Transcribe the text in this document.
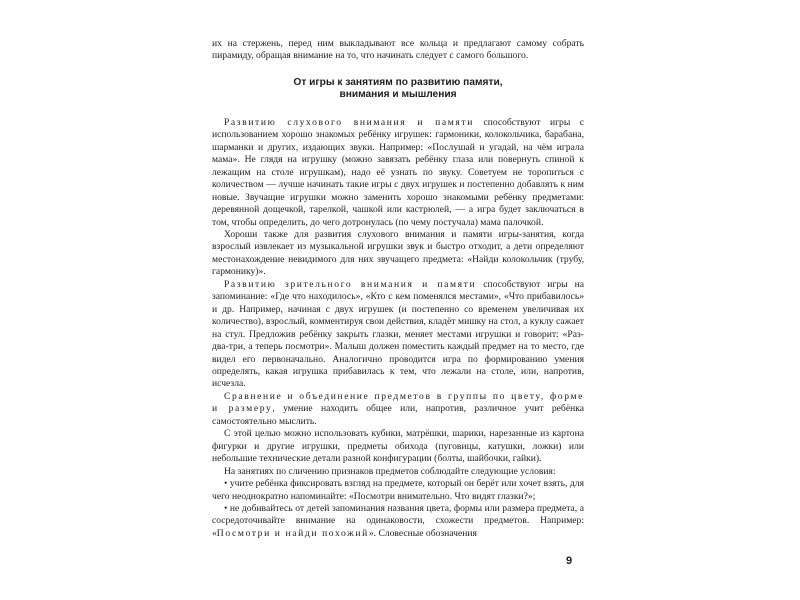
их на стержень, перед ним выкладывают все кольца и предлагают самому собрать пирамиду, обращая внимание на то, что начинать следует с самого большого.

От игры к занятиям по развитию памяти,
внимания и мышления

Развитию слухового внимания и памяти способствуют игры с использованием хорошо знакомых ребёнку игрушек: гармоники, колокольчика, барабана, шарманки и других, издающих звуки. Например: «Послушай и угадай, на чём играла мама». Не глядя на игрушку (можно завязать ребёнку глаза или повернуть спиной к лежащим на столе игрушкам), надо её узнать по звуку. Советуем не торопиться с количеством — лучше начинать такие игры с двух игрушек и постепенно добавлять к ним новые. Звучащие игрушки можно заменить хорошо знакомыми ребёнку предметами: деревянной дощечкой, тарелкой, чашкой или кастрюлей, — а игра будет заключаться в том, чтобы определить, до чего дотронулась (по чему постучала) мама палочкой.

Хороши также для развития слухового внимания и памяти игры-занятия, когда взрослый извлекает из музыкальной игрушки звук и быстро отходит, а дети определяют местонахождение невидимого для них звучащего предмета: «Найди колокольчик (трубу, гармонику)».

Развитию зрительного внимания и памяти способствуют игры на запоминание: «Где что находилось», «Кто с кем поменялся местами», «Что прибавилось» и др. Например, начиная с двух игрушек (и постепенно со временем увеличивая их количество), взрослый, комментируя свои действия, кладёт мишку на стол, а куклу сажает на стул. Предложив ребёнку закрыть глазки, меняет местами игрушки и говорит: «Раз-два-три, а теперь посмотри». Малыш должен поместить каждый предмет на то место, где видел его первоначально. Аналогично проводится игра по формированию умения определять, какая игрушка прибавилась к тем, что лежали на столе, или, напротив, исчезла.

Сравнение и объединение предметов в группы по цвету, форме и размеру, умение находить общее или, напротив, различное учит ребёнка самостоятельно мыслить.

С этой целью можно использовать кубики, матрёшки, шарики, нарезанные из картона фигурки и другие игрушки, предметы обихода (пуговицы, катушки, ложки) или небольшие технические детали разной конфигурации (болты, шайбочки, гайки).

На занятиях по сличению признаков предметов соблюдайте следующие условия:

• учите ребёнка фиксировать взгляд на предмете, который он берёт или хочет взять, для чего неоднократно напоминайте: «Посмотри внимательно. Что видят глазки?»;

• не добивайтесь от детей запоминания названия цвета, формы или размера предмета, а сосредоточивайте внимание на одинаковости, схожести предметов. Например: «Посмотри и найди похожий». Словесные обозначения

9
